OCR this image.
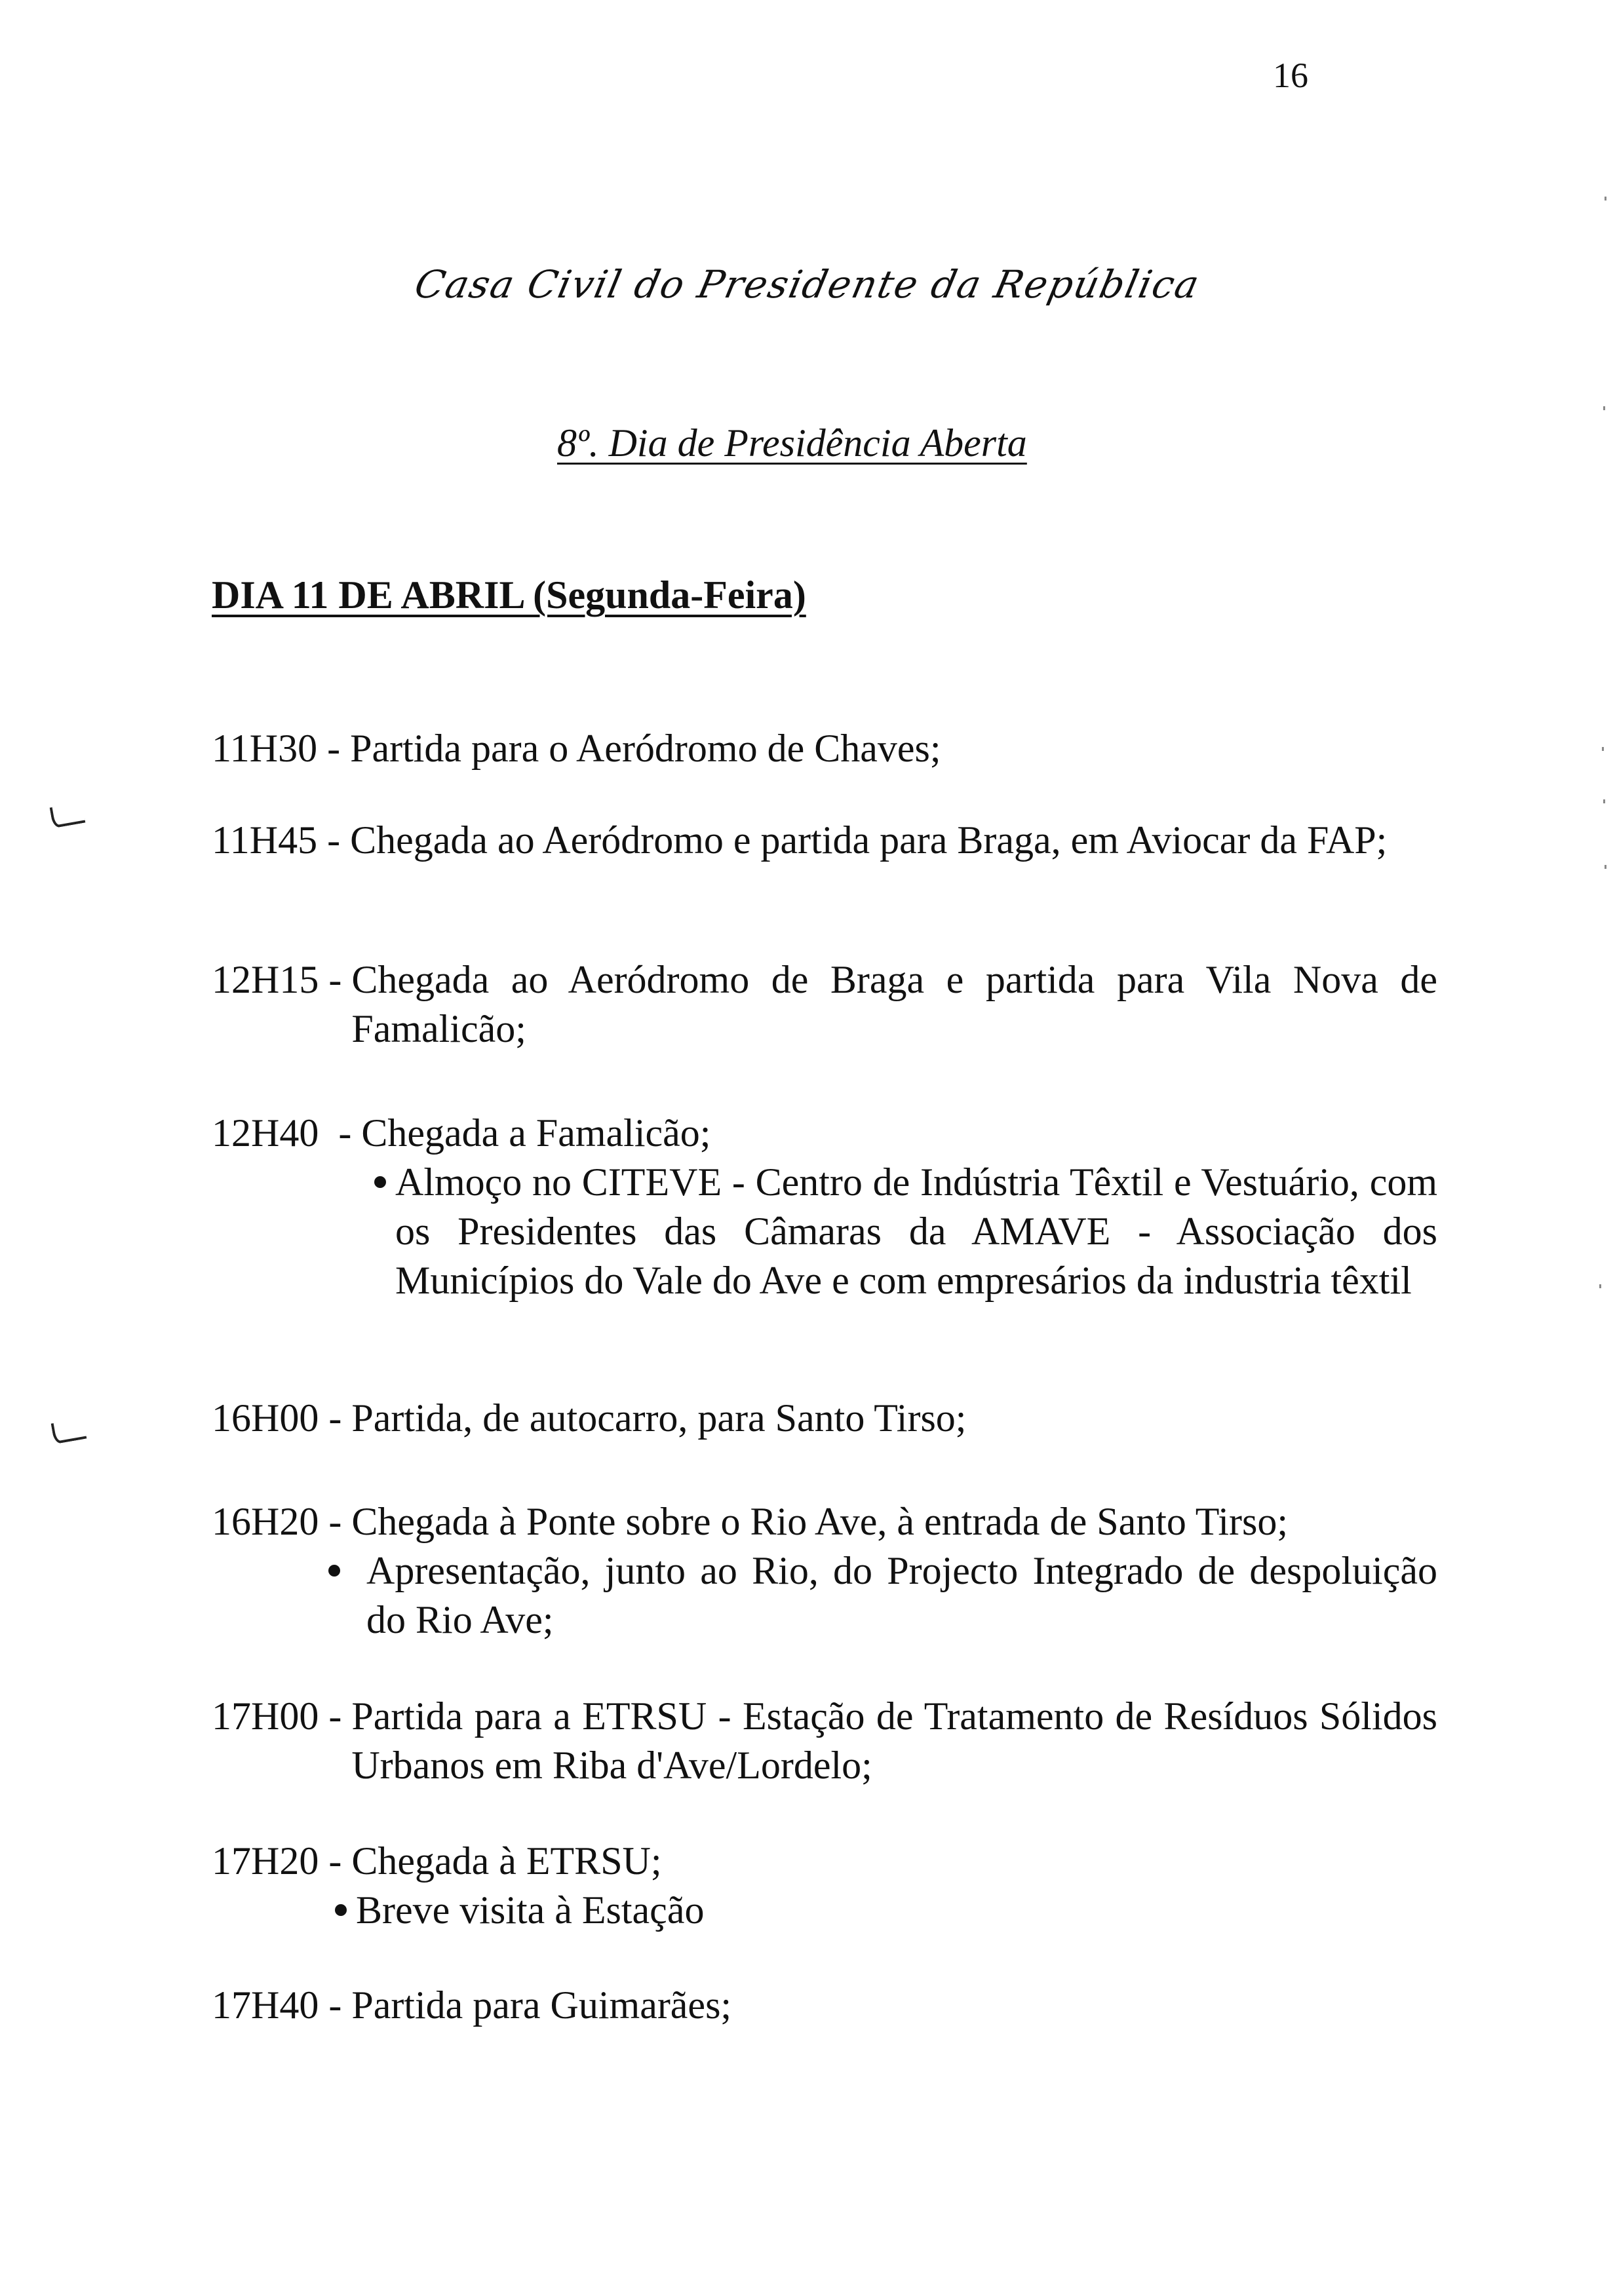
16
Casa Civil do Presidente da República
8º. Dia de Presidência Aberta
DIA 11 DE ABRIL (Segunda-Feira)
11H30 - Partida para o Aeródromo de Chaves;
11H45 - Chegada ao Aeródromo e partida para Braga, em Aviocar da FAP;
12H15 - Chegada ao Aeródromo de Braga e partida para Vila Nova de Famalicão;
12H40  - Chegada a Famalicão;
Almoço no CITEVE - Centro de Indústria Têxtil e Vestuário, com os Presidentes das Câmaras da AMAVE - Associação dos Municípios do Vale do Ave e com empresários da industria têxtil
16H00 - Partida, de autocarro, para Santo Tirso;
16H20 - Chegada à Ponte sobre o Rio Ave, à entrada de Santo Tirso;
Apresentação, junto ao Rio, do Projecto Integrado de despoluição do Rio Ave;
17H00 - Partida para a ETRSU - Estação de Tratamento de Resíduos Sólidos Urbanos em Riba d'Ave/Lordelo;
17H20 - Chegada à ETRSU;
Breve visita à Estação
17H40 - Partida para Guimarães;
